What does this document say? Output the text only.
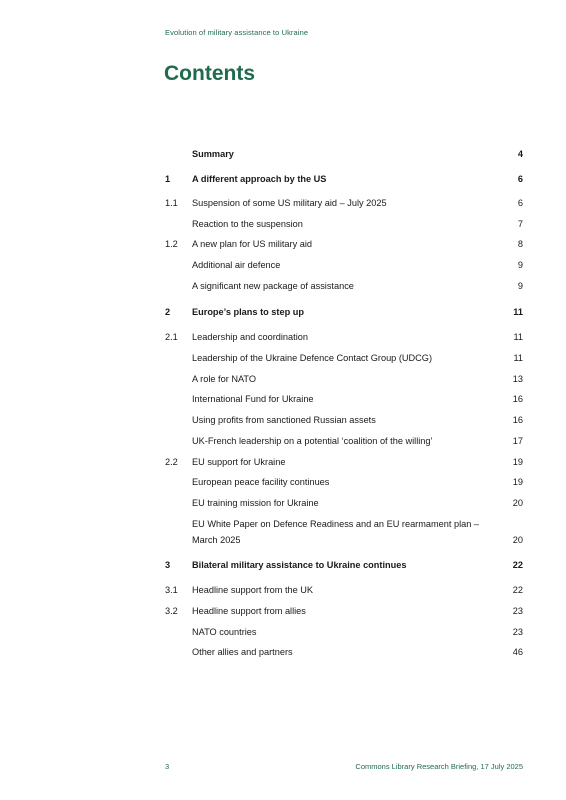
Evolution of military assistance to Ukraine
Contents
Summary	4
1 A different approach by the US	6
1.1 Suspension of some US military aid – July 2025	6
Reaction to the suspension	7
1.2 A new plan for US military aid	8
Additional air defence	9
A significant new package of assistance	9
2 Europe’s plans to step up	11
2.1 Leadership and coordination	11
Leadership of the Ukraine Defence Contact Group (UDCG)	11
A role for NATO	13
International Fund for Ukraine	16
Using profits from sanctioned Russian assets	16
UK-French leadership on a potential ‘coalition of the willing’	17
2.2 EU support for Ukraine	19
European peace facility continues	19
EU training mission for Ukraine	20
EU White Paper on Defence Readiness and an EU rearmament plan – March 2025	20
3 Bilateral military assistance to Ukraine continues	22
3.1 Headline support from the UK	22
3.2 Headline support from allies	23
NATO countries	23
Other allies and partners	46
3	Commons Library Research Briefing, 17 July 2025
